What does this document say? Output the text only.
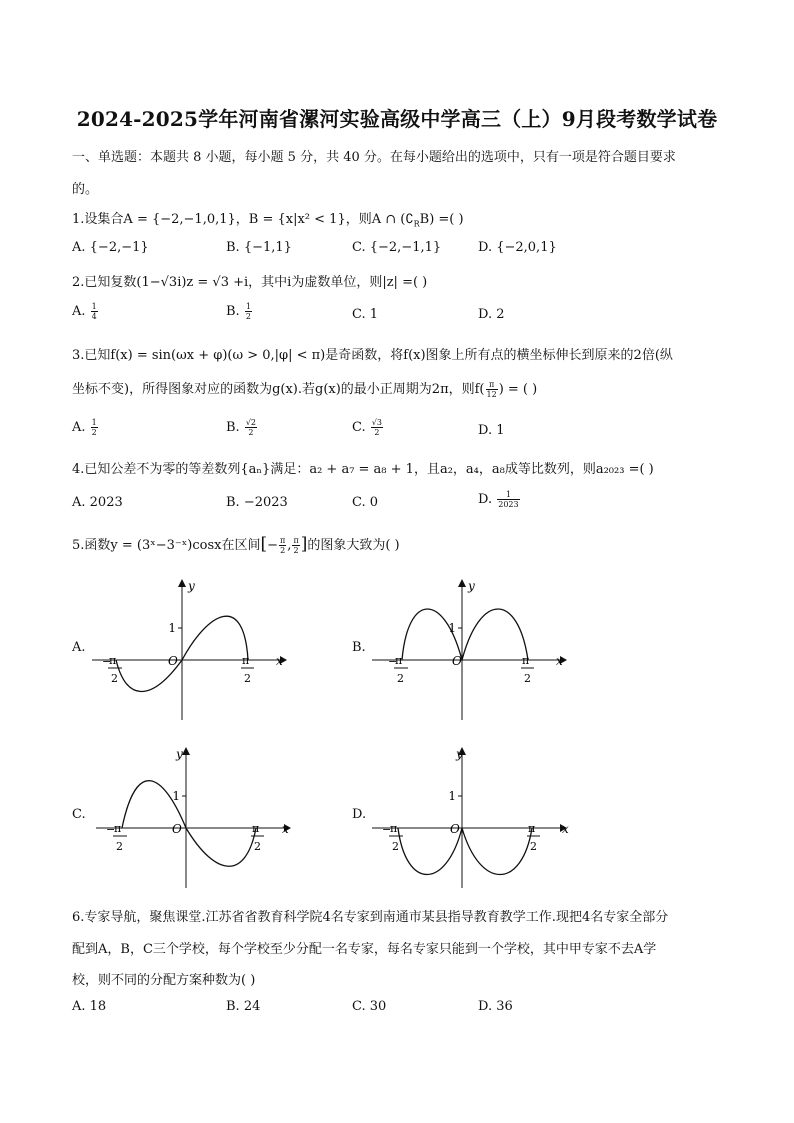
2024-2025学年河南省漯河实验高级中学高三（上）9月段考数学试卷
一、单选题：本题共 8 小题，每小题 5 分，共 40 分。在每小题给出的选项中，只有一项是符合题目要求
的。
1.设集合A = {−2,−1,0,1}，B = {x|x² < 1}，则A ∩ $(∁_RB)$ =( )
A. {−2,−1}	B. {−1,1}	C. {−2,−1,1}	D. {−2,0,1}
2.已知复数(1−√3i)z = √3 +i，其中i为虚数单位，则|z| =( )
A. $\frac{1}{4}$	B. $\frac{1}{2}$	C. 1	D. 2
3.已知f(x) = sin(ωx + φ)(ω > 0,|φ| < π)是奇函数，将f(x)图象上所有点的横坐标伸长到原来的2倍(纵
坐标不变)，所得图象对应的函数为g(x).若g(x)的最小正周期为2π，则$f( \frac{\pi}{12}$ ) = ( )
A. $\frac{1}{2}$	B. $\frac{√2}{2}$	C. $\frac{√3}{2}$	D. 1
4.已知公差不为零的等差数列{aₙ}满足：a₂ + a₇ = a₈ + 1，且a₂，a₄，a₈成等比数列，则a₂₀₂₃ =( )
A. 2023	B. −2023	C. 0	D. $\frac{1}{2023}$
5.函数y = (3ˣ−3⁻ˣ)cosx在区间[− $\frac{\pi}{2}$ , $\frac{\pi}{2}$ ]的图象大致为( )
A.	B.
C.	D.
y
x
O
1
−
π
2
π
2
y
x
O
1
−
π
2
π
2
y
x
O
1
−
π
2
π
2
y
x
O
1
−
π
2
π
2
6.专家导航，聚焦课堂.江苏省省教育科学院4名专家到南通市某县指导教育教学工作.现把4名专家全部分
配到A，B，C三个学校，每个学校至少分配一名专家，每名专家只能到一个学校，其中甲专家不去A学
校，则不同的分配方案种数为( )
A. 18	B. 24	C. 30	D. 36
